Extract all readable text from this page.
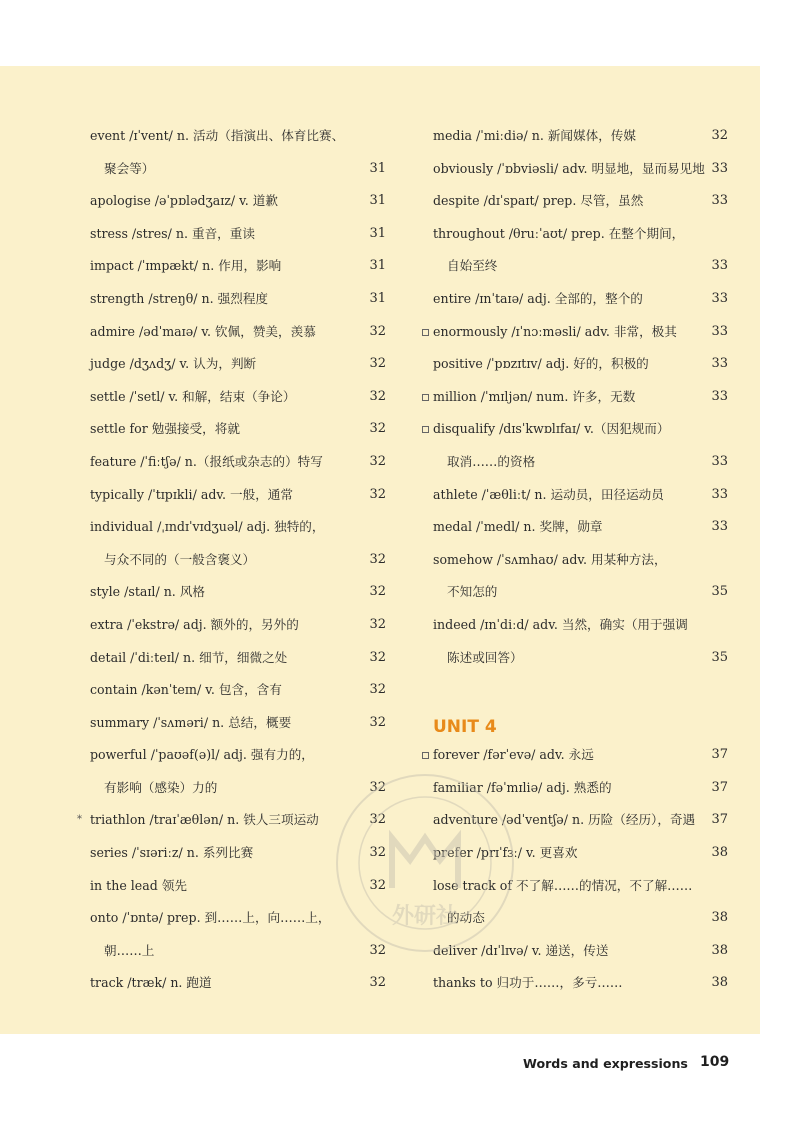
event /ɪˈvent/ n. 活动（指演出、体育比赛、
聚会等）	31
apologise /əˈpɒlədʒaɪz/ v. 道歉	31
stress /stres/ n. 重音，重读	31
impact /ˈɪmpækt/ n. 作用，影响	31
strength /streŋθ/ n. 强烈程度	31
admire /ədˈmaɪə/ v. 钦佩，赞美，羡慕	32
judge /dʒʌdʒ/ v. 认为，判断	32
settle /ˈsetl/ v. 和解，结束（争论）	32
settle for 勉强接受，将就	32
feature /ˈfiːtʃə/ n.（报纸或杂志的）特写	32
typically /ˈtɪpɪkli/ adv. 一般，通常	32
individual /ˌɪndɪˈvɪdʒuəl/ adj. 独特的，
与众不同的（一般含褒义）	32
style /staɪl/ n. 风格	32
extra /ˈekstrə/ adj. 额外的，另外的	32
detail /ˈdiːteɪl/ n. 细节，细微之处	32
contain /kənˈteɪn/ v. 包含，含有	32
summary /ˈsʌməri/ n. 总结，概要	32
powerful /ˈpaʊəf(ə)l/ adj. 强有力的，
有影响（感染）力的	32
* triathlon /traɪˈæθlən/ n. 铁人三项运动	32
series /ˈsɪəriːz/ n. 系列比赛	32
in the lead 领先	32
onto /ˈɒntə/ prep. 到……上，向……上，
朝……上	32
track /træk/ n. 跑道	32
media /ˈmiːdiə/ n. 新闻媒体，传媒	32
obviously /ˈɒbviəsli/ adv. 明显地，显而易见地 33
despite /dɪˈspaɪt/ prep. 尽管，虽然	33
throughout /θruːˈaʊt/ prep. 在整个期间，
自始至终	33
entire /ɪnˈtaɪə/ adj. 全部的，整个的	33
enormously /ɪˈnɔːməsli/ adv. 非常，极其	33
positive /ˈpɒzɪtɪv/ adj. 好的，积极的	33
million /ˈmɪljən/ num. 许多，无数	33
disqualify /dɪsˈkwɒlɪfaɪ/ v.（因犯规而）
取消……的资格	33
athlete /ˈæθliːt/ n. 运动员，田径运动员	33
medal /ˈmedl/ n. 奖牌，勋章	33
somehow /ˈsʌmhaʊ/ adv. 用某种方法，
不知怎的	35
indeed /ɪnˈdiːd/ adv. 当然，确实（用于强调
陈述或回答）	35
UNIT 4
forever /fərˈevə/ adv. 永远	37
familiar /fəˈmɪliə/ adj. 熟悉的	37
adventure /ədˈventʃə/ n. 历险（经历），奇遇 37
prefer /prɪˈfɜː/ v. 更喜欢	38
lose track of 不了解……的情况，不了解……
的动态	38
deliver /dɪˈlɪvə/ v. 递送，传送	38
thanks to 归功于……，多亏……	38
外研社
Words and expressions 109
